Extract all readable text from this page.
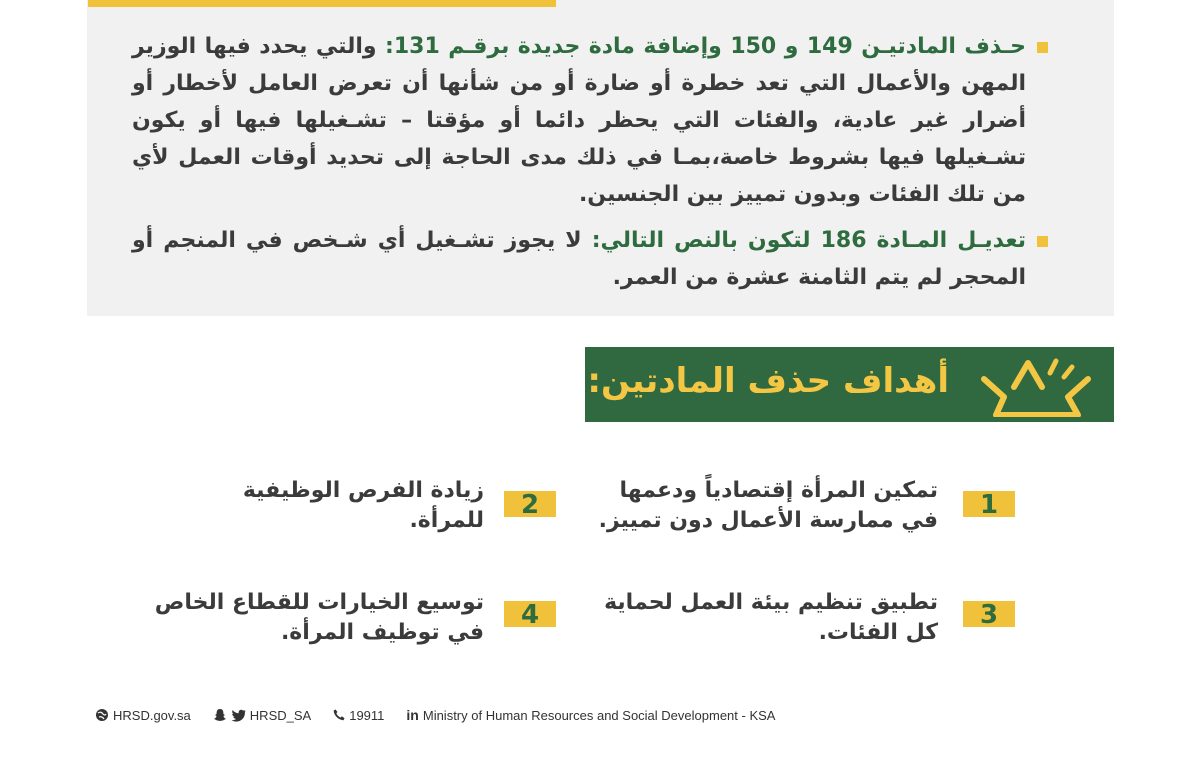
حـذف المادتيـن 149 و 150 وإضافة مادة جديدة برقـم 131: والتي يحدد فيها الوزير المهن والأعمال التي تعد خطرة أو ضارة أو من شأنها أن تعرض العامل لأخطار أو أضرار غير عادية، والفئات التي يحظر دائما أو مؤقتا – تشـغيلها فيها أو يكون تشـغيلها فيها بشروط خاصة،بمـا في ذلك مدى الحاجة إلى تحديد أوقات العمل لأي من تلك الفئات وبدون تمييز بين الجنسين.
تعديـل المـادة 186 لتكون بالنص التالي: لا يجوز تشـغيل أي شـخص في المنجم أو المحجر لم يتم الثامنة عشرة من العمر.
أهداف حذف المادتين:
1
تمكين المرأة إقتصادياً ودعمها
في ممارسة الأعمال دون تمييز.
2
زيادة الفرص الوظيفية
للمرأة.
3
تطبيق تنظيم بيئة العمل لحماية
كل الفئات.
4
توسيع الخيارات للقطاع الخاص
في توظيف المرأة.
HRSD.gov.sa	HRSD_SA	19911 in Ministry of Human Resources and Social Development - KSA
